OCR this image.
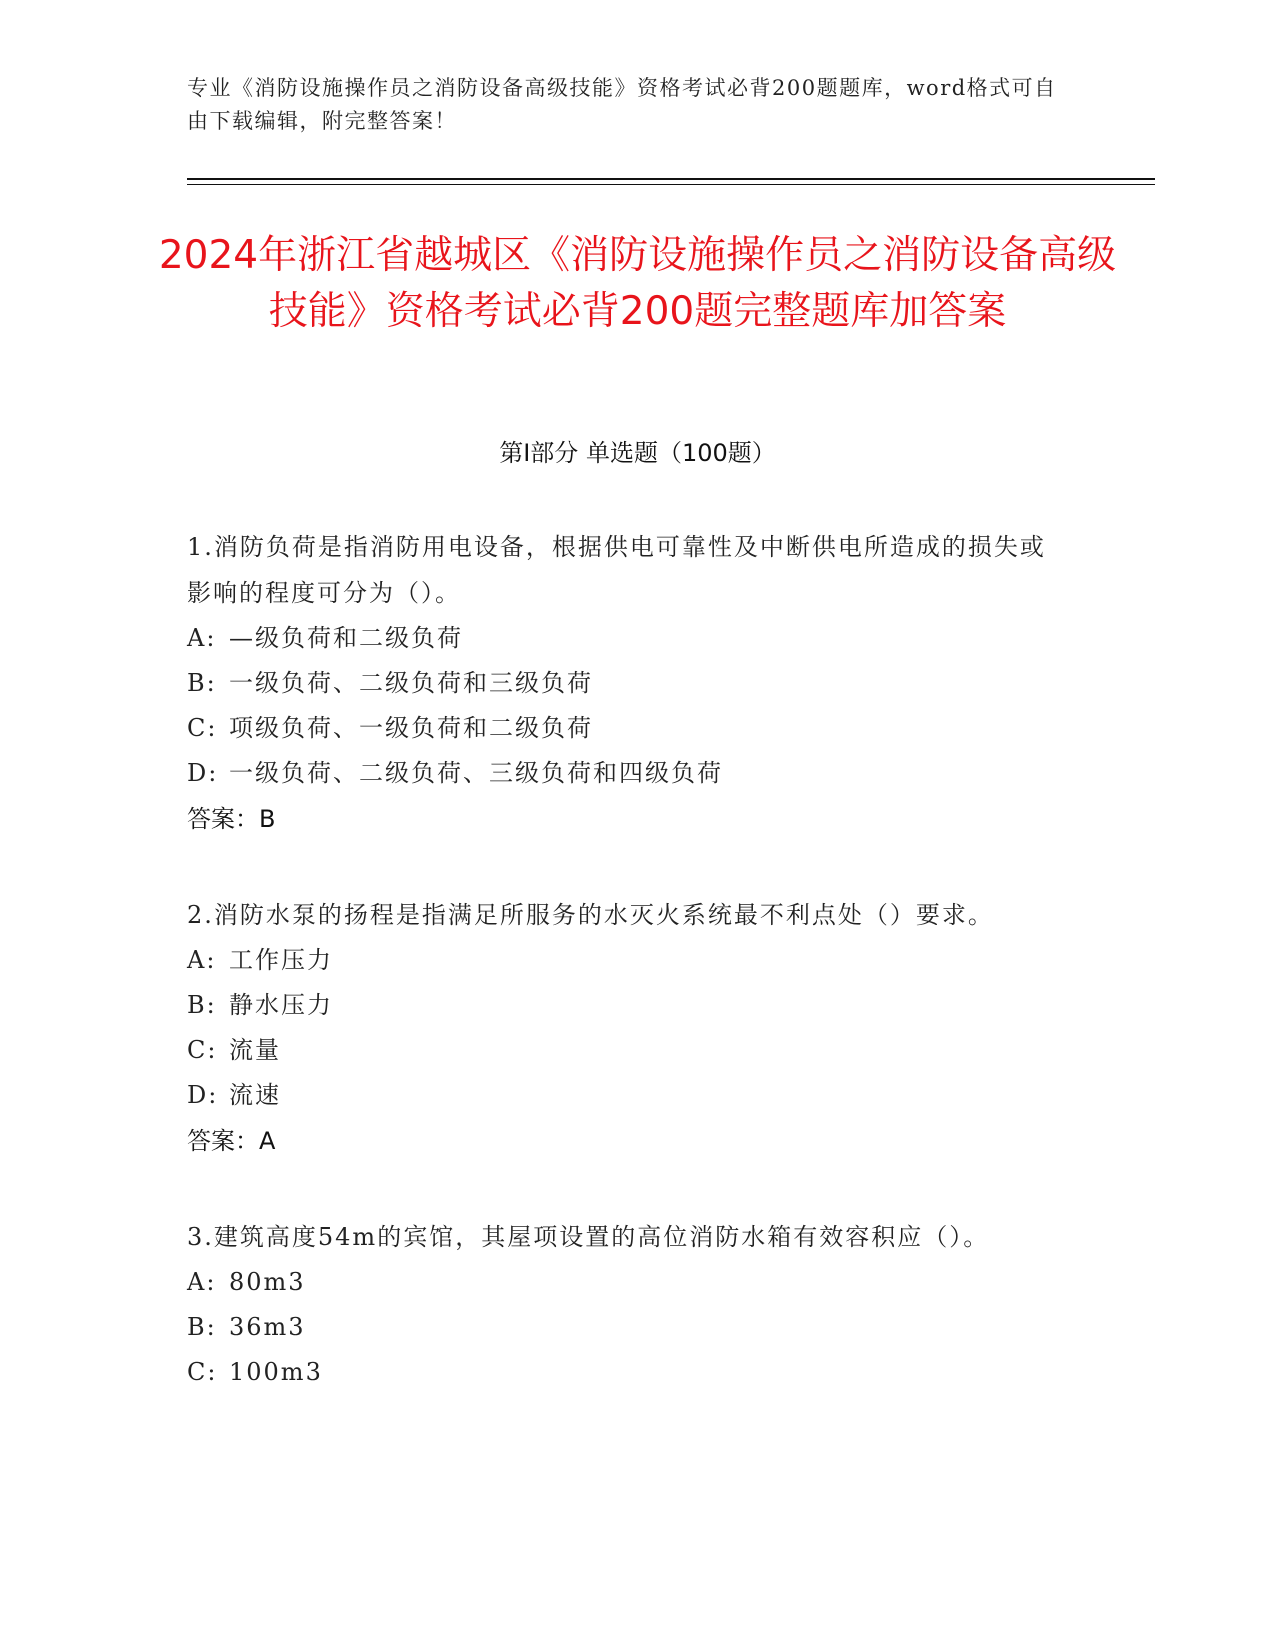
专业《消防设施操作员之消防设备高级技能》资格考试必背200题题库，word格式可自由下载编辑，附完整答案！
2024年浙江省越城区《消防设施操作员之消防设备高级技能》资格考试必背200题完整题库加答案
第Ⅰ部分 单选题（100题）
1.消防负荷是指消防用电设备，根据供电可靠性及中断供电所造成的损失或影响的程度可分为（）。
A: —级负荷和二级负荷
B: 一级负荷、二级负荷和三级负荷
C: 项级负荷、一级负荷和二级负荷
D: 一级负荷、二级负荷、三级负荷和四级负荷
答案：B
2.消防水泵的扬程是指满足所服务的水灭火系统最不利点处（）要求。
A: 工作压力
B: 静水压力
C: 流量
D: 流速
答案：A
3.建筑高度54m的宾馆，其屋项设置的高位消防水箱有效容积应（）。
A: 80m3
B: 36m3
C: 100m3
